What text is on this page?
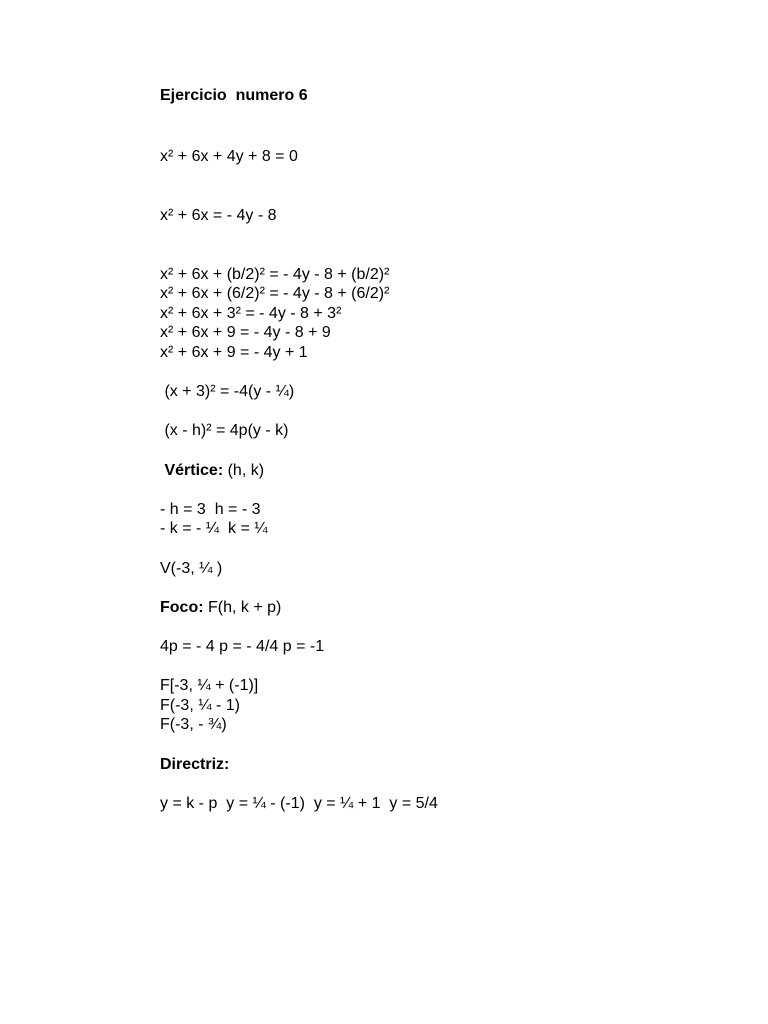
Ejercicio  numero 6
x² + 6x + 4y + 8 = 0
x² + 6x = - 4y - 8
x² + 6x + (b/2)² = - 4y - 8 + (b/2)²
x² + 6x + (6/2)² = - 4y - 8 + (6/2)²
x² + 6x + 3² = - 4y - 8 + 3²
x² + 6x + 9 = - 4y - 8 + 9
x² + 6x + 9 = - 4y + 1
(x + 3)² = -4(y - ¼)
(x - h)² = 4p(y - k)
Vértice: (h, k)
- h = 3  h = - 3
- k = - ¼  k = ¼
V(-3, ¼ )
Foco: F(h, k + p)
4p = - 4 p = - 4/4 p = -1
F[-3, ¼ + (-1)]
F(-3, ¼ - 1)
F(-3, - ¾)
Directriz:
y = k - p  y = ¼ - (-1)  y = ¼ + 1  y = 5/4
